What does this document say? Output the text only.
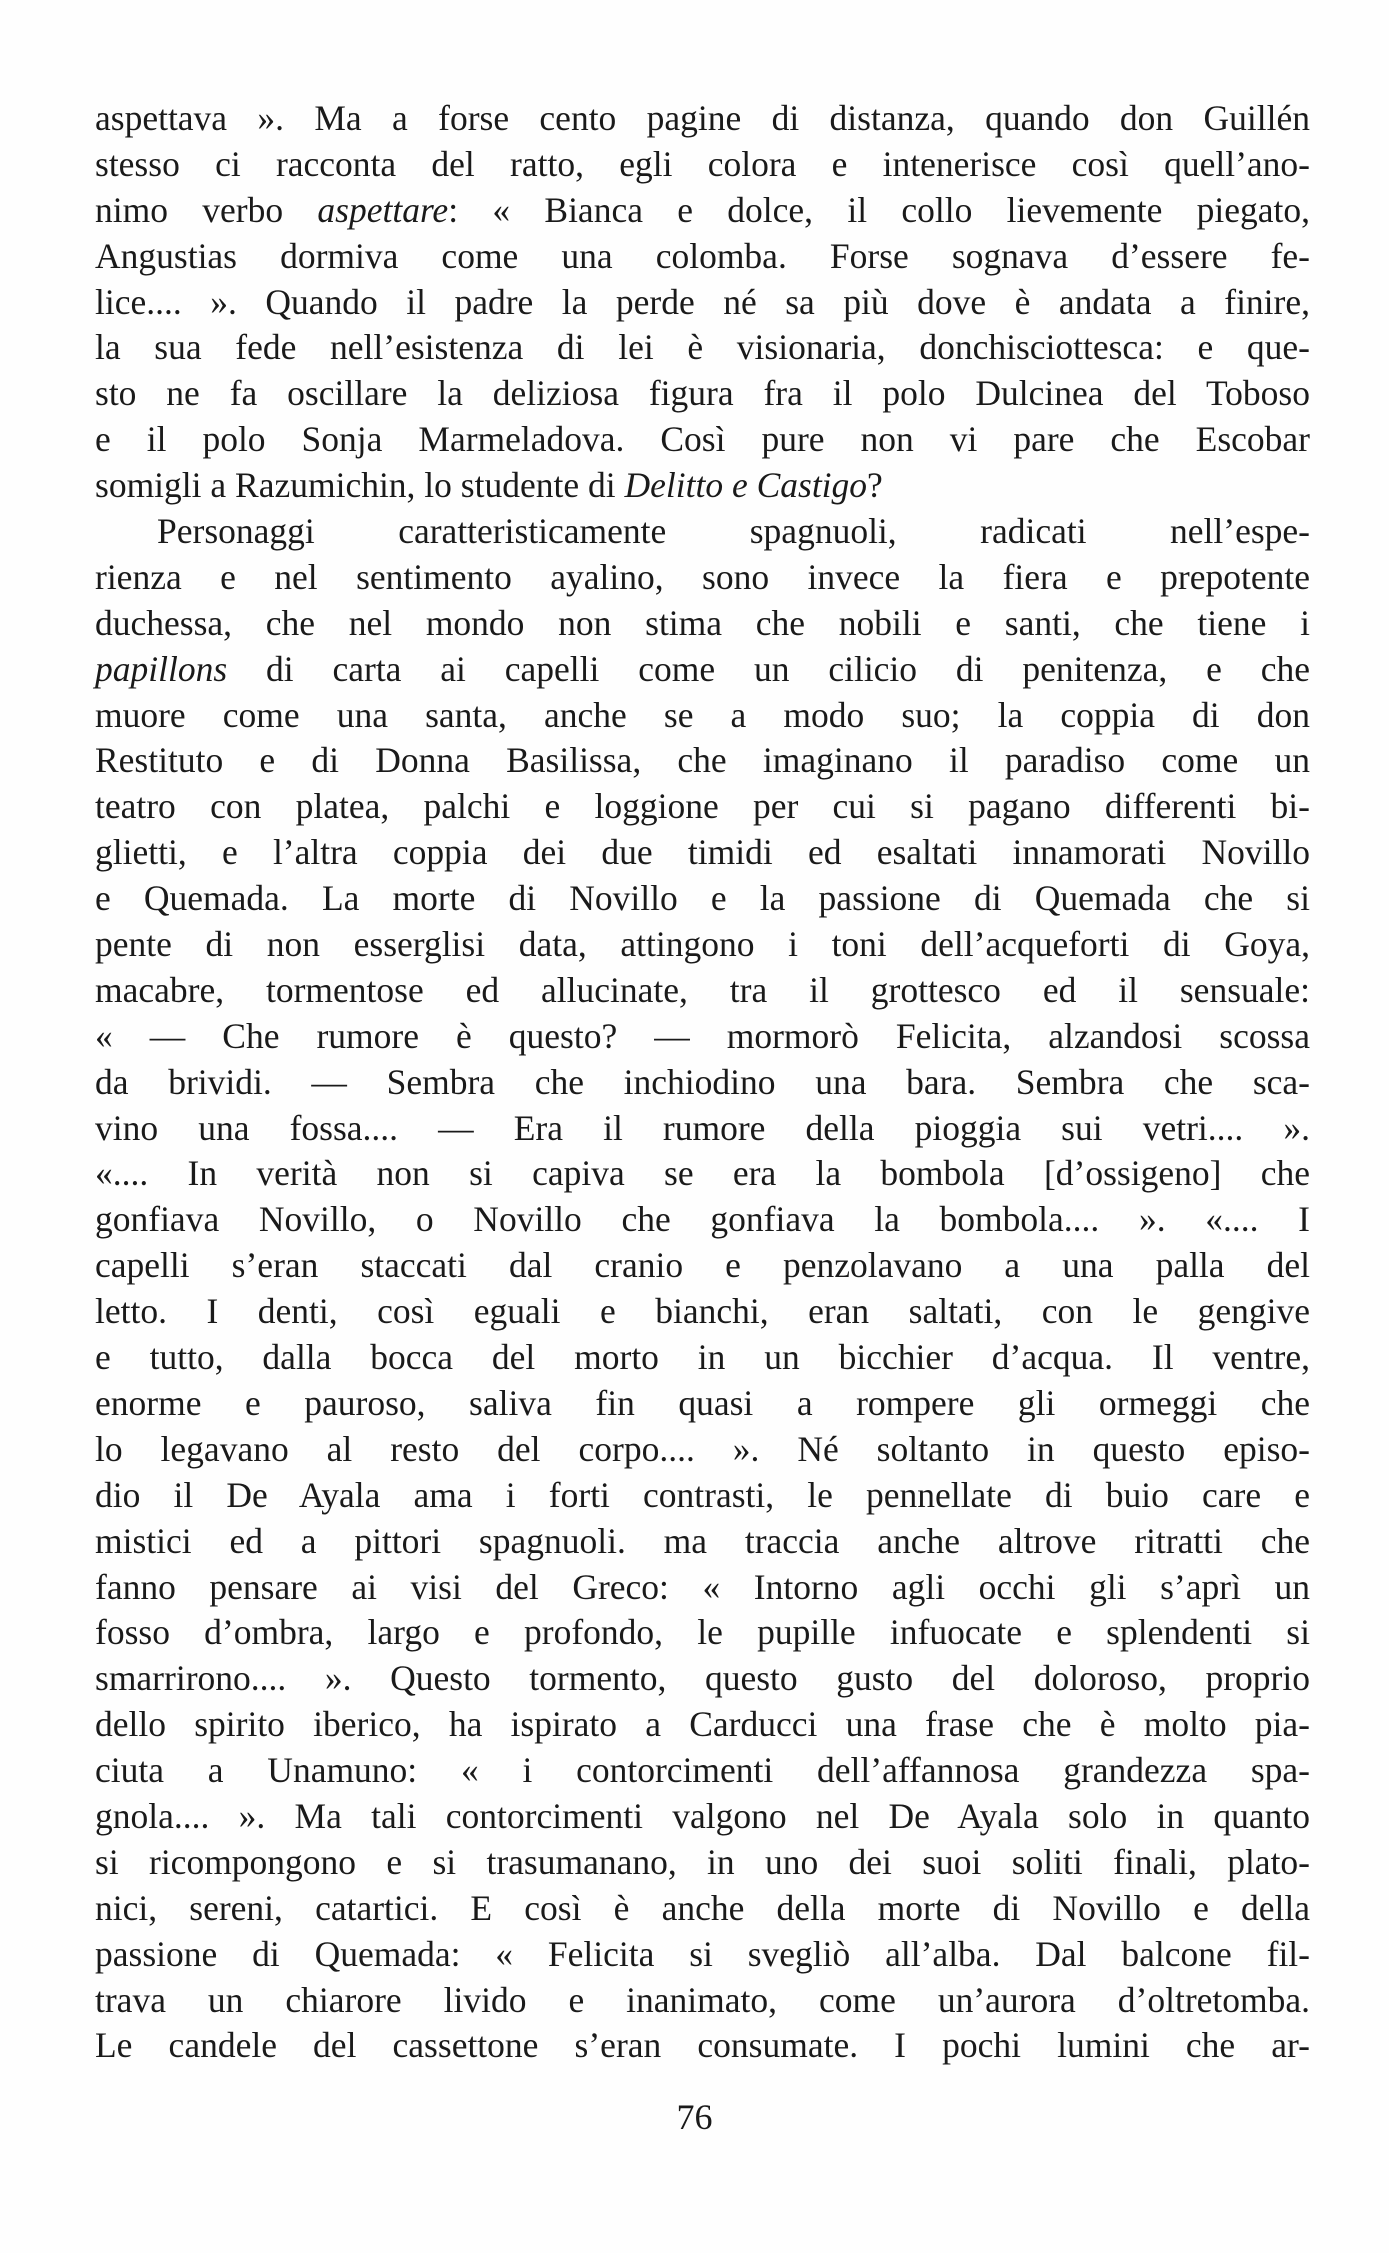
aspettava ». Ma a forse cento pagine di distanza, quando don Guillén
stesso ci racconta del ratto, egli colora e intenerisce così quell’ano-
nimo verbo aspettare: « Bianca e dolce, il collo lievemente piegato,
Angustias dormiva come una colomba. Forse sognava d’essere fe-
lice.... ». Quando il padre la perde né sa più dove è andata a finire,
la sua fede nell’esistenza di lei è visionaria, donchisciottesca: e que-
sto ne fa oscillare la deliziosa figura fra il polo Dulcinea del Toboso
e il polo Sonja Marmeladova. Così pure non vi pare che Escobar
somigli a Razumichin, lo studente di Delitto e Castigo?
Personaggi caratteristicamente spagnuoli, radicati nell’espe-
rienza e nel sentimento ayalino, sono invece la fiera e prepotente
duchessa, che nel mondo non stima che nobili e santi, che tiene i
papillons di carta ai capelli come un cilicio di penitenza, e che
muore come una santa, anche se a modo suo; la coppia di don
Restituto e di Donna Basilissa, che imaginano il paradiso come un
teatro con platea, palchi e loggione per cui si pagano differenti bi-
glietti, e l’altra coppia dei due timidi ed esaltati innamorati Novillo
e Quemada. La morte di Novillo e la passione di Quemada che si
pente di non esserglisi data, attingono i toni dell’acqueforti di Goya,
macabre, tormentose ed allucinate, tra il grottesco ed il sensuale:
« — Che rumore è questo? — mormorò Felicita, alzandosi scossa
da brividi. — Sembra che inchiodino una bara. Sembra che sca-
vino una fossa.... — Era il rumore della pioggia sui vetri.... ».
«.... In verità non si capiva se era la bombola [d’ossigeno] che
gonfiava Novillo, o Novillo che gonfiava la bombola.... ». «.... I
capelli s’eran staccati dal cranio e penzolavano a una palla del
letto. I denti, così eguali e bianchi, eran saltati, con le gengive
e tutto, dalla bocca del morto in un bicchier d’acqua. Il ventre,
enorme e pauroso, saliva fin quasi a rompere gli ormeggi che
lo legavano al resto del corpo.... ». Né soltanto in questo episo-
dio il De Ayala ama i forti contrasti, le pennellate di buio care e
mistici ed a pittori spagnuoli. ma traccia anche altrove ritratti che
fanno pensare ai visi del Greco: « Intorno agli occhi gli s’aprì un
fosso d’ombra, largo e profondo, le pupille infuocate e splendenti si
smarrirono.... ». Questo tormento, questo gusto del doloroso, proprio
dello spirito iberico, ha ispirato a Carducci una frase che è molto pia-
ciuta a Unamuno: « i contorcimenti dell’affannosa grandezza spa-
gnola.... ». Ma tali contorcimenti valgono nel De Ayala solo in quanto
si ricompongono e si trasumanano, in uno dei suoi soliti finali, plato-
nici, sereni, catartici. E così è anche della morte di Novillo e della
passione di Quemada: « Felicita si svegliò all’alba. Dal balcone fil-
trava un chiarore livido e inanimato, come un’aurora d’oltretomba.
Le candele del cassettone s’eran consumate. I pochi lumini che ar-
76
